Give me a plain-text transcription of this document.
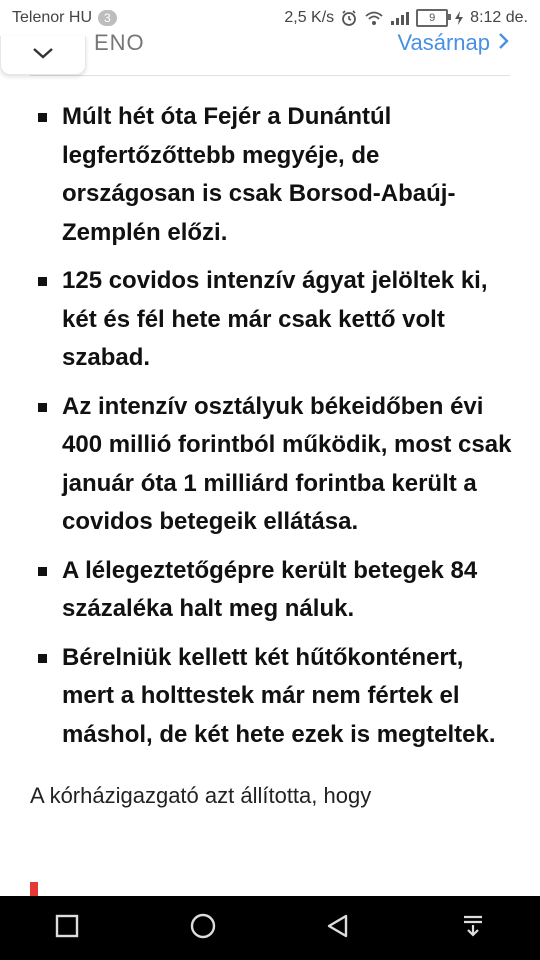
Telenor HU	3	2,5 K/s	9 8:12 de.
ENO	Vasárnap
Múlt hét óta Fejér a Dunántúl legfertőzőttebb megyéje, de országosan is csak Borsod-Abaúj-Zemplén előzi.
125 covidos intenzív ágyat jelöltek ki, két és fél hete már csak kettő volt szabad.
Az intenzív osztályuk békeidőben évi 400 millió forintból működik, most csak január óta 1 milliárd forintba került a covidos betegeik ellátása.
A lélegeztetőgépre került betegek 84 százaléka halt meg náluk.
Bérelniük kellett két hűtőkonténert, mert a holttestek már nem fértek el máshol, de két hete ezek is megteltek.

A kórházigazgató azt állította, hogy
